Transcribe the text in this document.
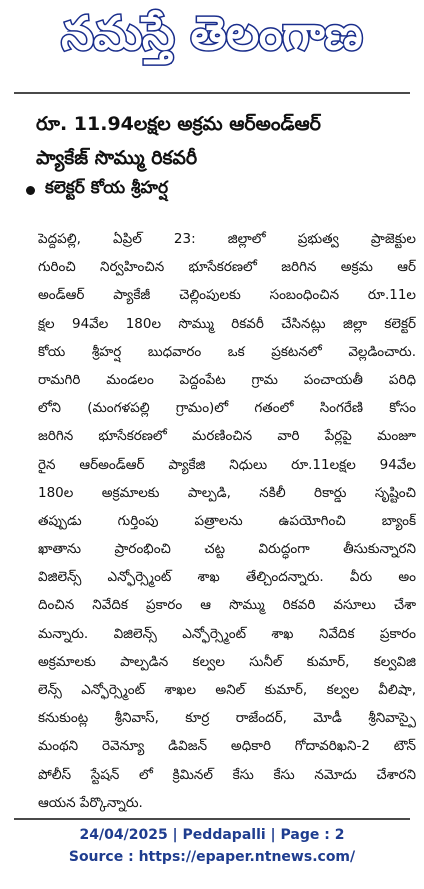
నమస్తే తెలంగాణ
రూ. 11.94లక్షల అక్రమ ఆర్అండ్ఆర్
ప్యాకేజ్ సొమ్ము రికవరీ
కలెక్టర్ కోయ శ్రీహర్ష
పెద్దపల్లి, ఏప్రిల్ 23: జిల్లాలో ప్రభుత్వ ప్రాజెక్టుల
గురించి నిర్వహించిన భూసేకరణలో జరిగిన అక్రమ ఆర్
అండ్ఆర్ ప్యాకేజీ చెల్లింపులకు సంబంధించిన రూ.11ల
క్షల 94వేల 180ల సొమ్ము రికవరీ చేసినట్లు జిల్లా కలెక్టర్
కోయ శ్రీహర్ష బుధవారం ఒక ప్రకటనలో వెల్లడించారు.
రామగిరి మండలం పెద్దంపేట గ్రామ పంచాయతీ పరిధి
లోని (మంగళపల్లి గ్రామం)లో గతంలో సింగరేణి కోసం
జరిగిన భూసేకరణలో మరణించిన వారి పేర్లపై మంజూ
రైన ఆర్అండ్ఆర్ ప్యాకేజి నిధులు రూ.11లక్షల 94వేల
180ల అక్రమాలకు పాల్పడి, నకిలీ రికార్డు సృష్టించి
తప్పుడు గుర్తింపు పత్రాలను ఉపయోగించి బ్యాంక్
ఖాతాను ప్రారంభించి చట్ట విరుద్ధంగా తీసుకున్నారని
విజిలెన్స్ ఎన్ఫోర్స్మెంట్ శాఖ తేల్చిందన్నారు. వీరు అం
దించిన నివేదిక ప్రకారం ఆ సొమ్ము రికవరి వసూలు చేశా
మన్నారు. విజిలెన్స్ ఎన్ఫోర్స్మెంట్ శాఖ నివేదిక ప్రకారం
అక్రమాలకు పాల్పడిన కల్వల సునీల్ కుమార్, కల్వవిజి
లెన్స్ ఎన్ఫోర్స్మెంట్ శాఖల అనిల్ కుమార్, కల్వల వీలిషా,
కనుకుంట్ల శ్రీనివాస్, కూర్ర రాజేందర్, మోడీ శ్రీనివాస్పై
మంథని రెవెన్యూ డివిజన్ అధికారి గోదావరిఖని-2 టౌన్
పోలీస్ స్టేషన్ లో క్రిమినల్ కేసు కేసు నమోదు చేశారని
ఆయన పేర్కొన్నారు.
24/04/2025 | Peddapalli | Page : 2
Source : https://epaper.ntnews.com/
